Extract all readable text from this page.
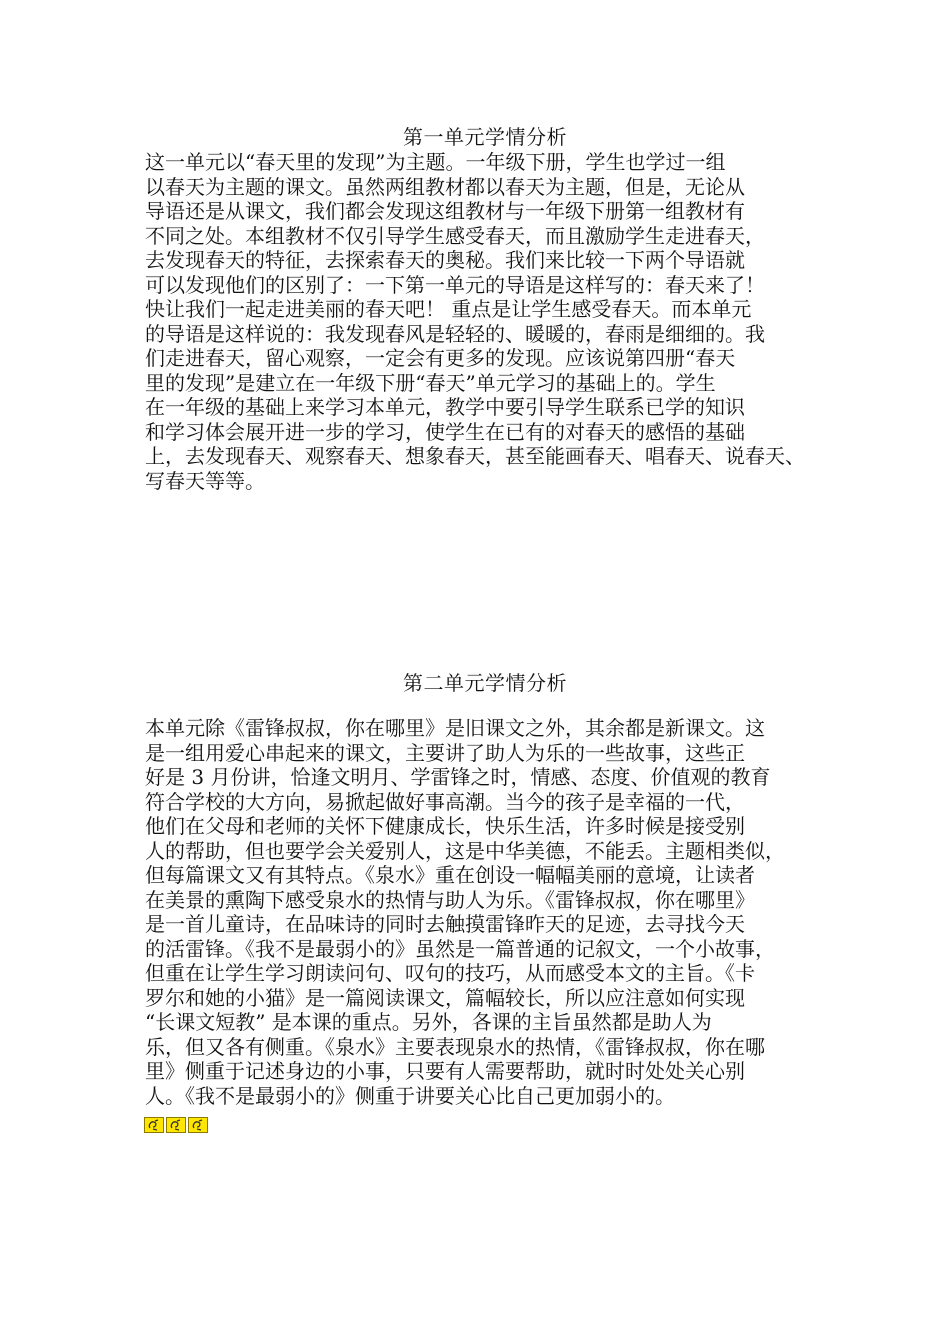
第一单元学情分析

这一单元以“春天里的发现”为主题。一年级下册，学生也学过一组

以春天为主题的课文。虽然两组教材都以春天为主题，但是，无论从

导语还是从课文，我们都会发现这组教材与一年级下册第一组教材有

不同之处。本组教材不仅引导学生感受春天，而且激励学生走进春天，

去发现春天的特征，去探索春天的奥秘。我们来比较一下两个导语就

可以发现他们的区别了：一下第一单元的导语是这样写的：春天来了！

快让我们一起走进美丽的春天吧！ 重点是让学生感受春天。而本单元

的导语是这样说的：我发现春风是轻轻的、暖暖的，春雨是细细的。我

们走进春天，留心观察，一定会有更多的发现。应该说第四册“春天

里的发现”是建立在一年级下册“春天”单元学习的基础上的。学生

在一年级的基础上来学习本单元，教学中要引导学生联系已学的知识

和学习体会展开进一步的学习，使学生在已有的对春天的感悟的基础

上，去发现春天、观察春天、想象春天，甚至能画春天、唱春天、说春天、

写春天等等。

第二单元学情分析

本单元除《雷锋叔叔，你在哪里》是旧课文之外，其余都是新课文。这

是一组用爱心串起来的课文，主要讲了助人为乐的一些故事，这些正

好是 3 月份讲，恰逢文明月、学雷锋之时，情感、态度、价值观的教育

符合学校的大方向，易掀起做好事高潮。当今的孩子是幸福的一代，

他们在父母和老师的关怀下健康成长，快乐生活，许多时候是接受别

人的帮助，但也要学会关爱别人，这是中华美德，不能丢。主题相类似，

但每篇课文又有其特点。《泉水》重在创设一幅幅美丽的意境，让读者

在美景的熏陶下感受泉水的热情与助人为乐。《雷锋叔叔，你在哪里》

是一首儿童诗，在品味诗的同时去触摸雷锋昨天的足迹，去寻找今天

的活雷锋。《我不是最弱小的》虽然是一篇普通的记叙文，一个小故事，

但重在让学生学习朗读问句、叹句的技巧，从而感受本文的主旨。《卡

罗尔和她的小猫》是一篇阅读课文，篇幅较长，所以应注意如何实现

“长课文短教” 是本课的重点。另外，各课的主旨虽然都是助人为

乐，但又各有侧重。《泉水》主要表现泉水的热情，《雷锋叔叔，你在哪

里》侧重于记述身边的小事，只要有人需要帮助，就时时处处关心别

人。《我不是最弱小的》侧重于讲要关心比自己更加弱小的。
